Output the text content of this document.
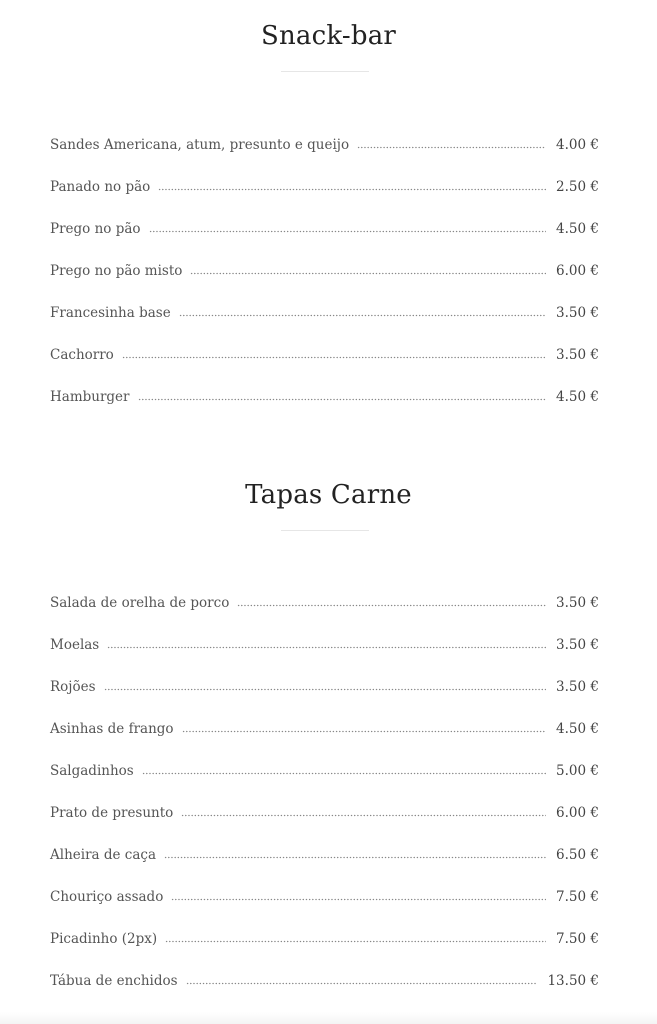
Snack-bar
Sandes Americana, atum, presunto e queijo	4.00 €
Panado no pão	2.50 €
Prego no pão	4.50 €
Prego no pão misto	6.00 €
Francesinha base	3.50 €
Cachorro	3.50 €
Hamburger	4.50 €
Tapas Carne
Salada de orelha de porco	3.50 €
Moelas	3.50 €
Rojões	3.50 €
Asinhas de frango	4.50 €
Salgadinhos	5.00 €
Prato de presunto	6.00 €
Alheira de caça	6.50 €
Chouriço assado	7.50 €
Picadinho (2px)	7.50 €
Tábua de enchidos	13.50 €
